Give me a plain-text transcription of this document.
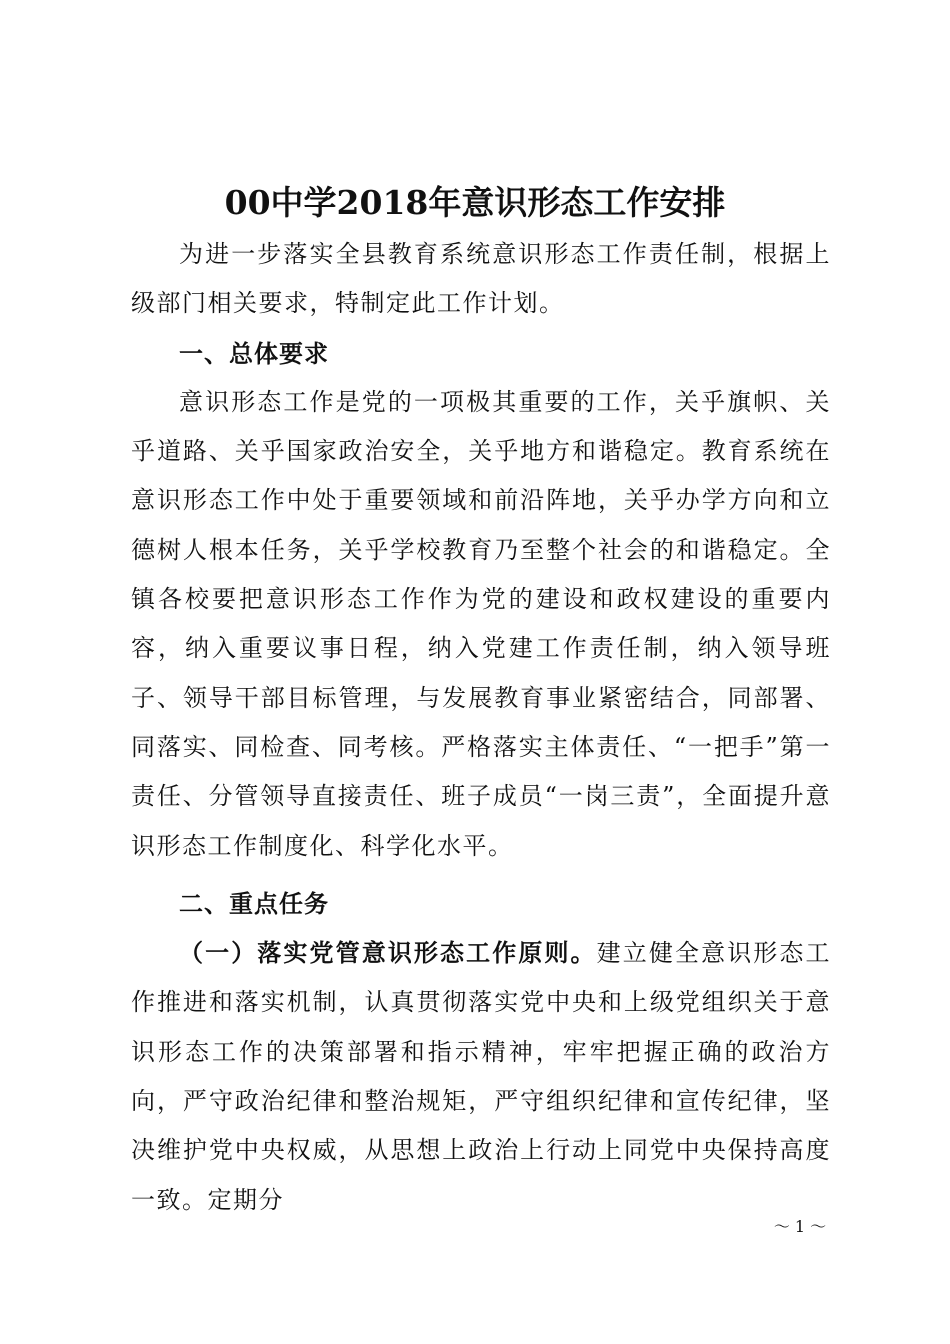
00中学2018年意识形态工作安排

为进一步落实全县教育系统意识形态工作责任制，根据上级部门相关要求，特制定此工作计划。

一、总体要求

意识形态工作是党的一项极其重要的工作，关乎旗帜、关乎道路、关乎国家政治安全，关乎地方和谐稳定。教育系统在意识形态工作中处于重要领域和前沿阵地，关乎办学方向和立德树人根本任务，关乎学校教育乃至整个社会的和谐稳定。全镇各校要把意识形态工作作为党的建设和政权建设的重要内容，纳入重要议事日程，纳入党建工作责任制，纳入领导班子、领导干部目标管理，与发展教育事业紧密结合，同部署、同落实、同检查、同考核。严格落实主体责任、“一把手”第一责任、分管领导直接责任、班子成员“一岗三责”，全面提升意识形态工作制度化、科学化水平。

二、重点任务

（一）落实党管意识形态工作原则。建立健全意识形态工作推进和落实机制，认真贯彻落实党中央和上级党组织关于意识形态工作的决策部署和指示精神，牢牢把握正确的政治方向，严守政治纪律和整治规矩，严守组织纪律和宣传纪律，坚决维护党中央权威，从思想上政治上行动上同党中央保持高度一致。定期分

～ 1 ～
